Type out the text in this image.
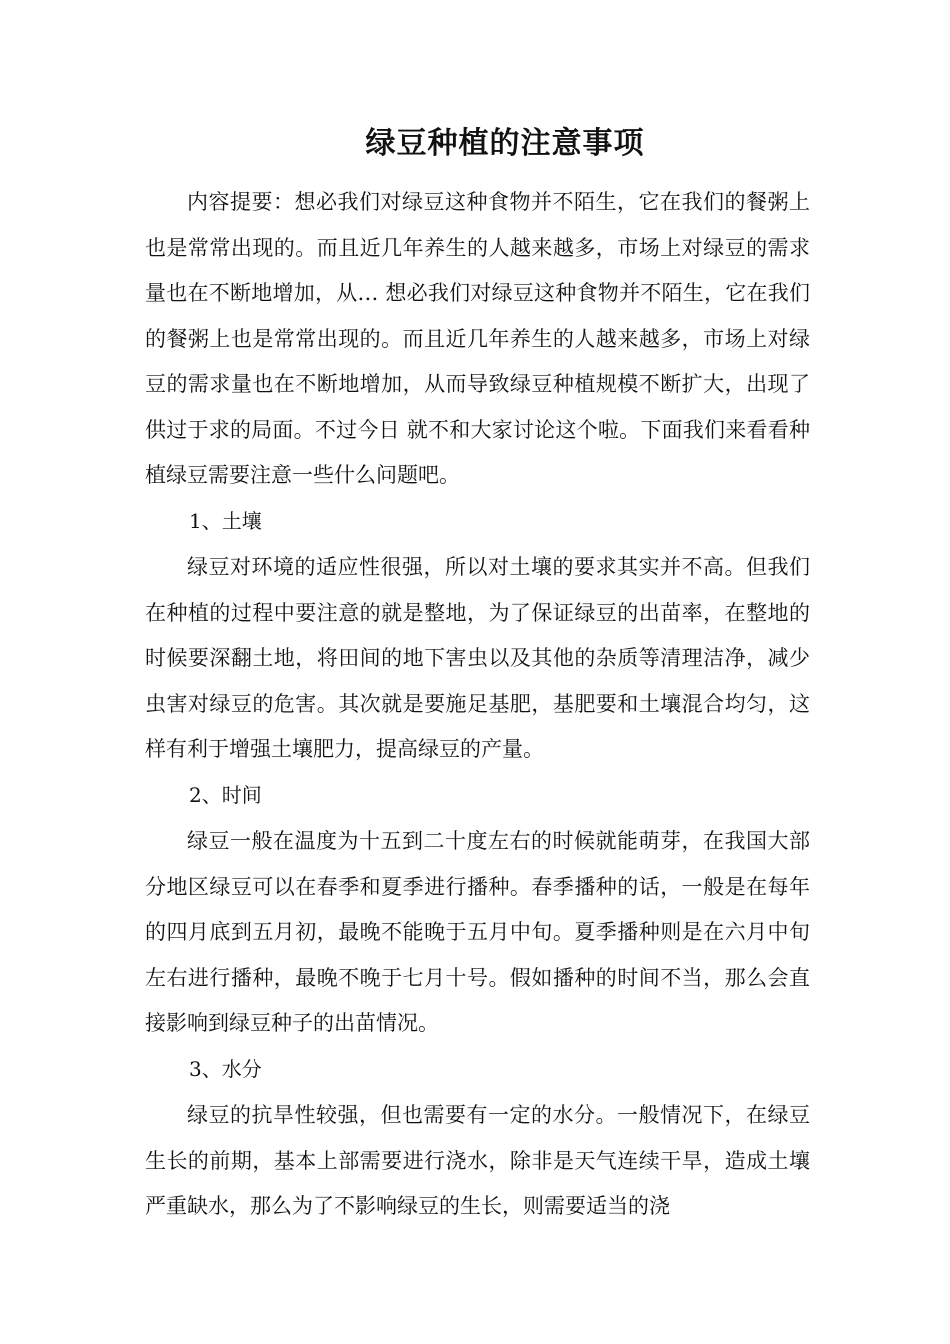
绿豆种植的注意事项

内容提要：想必我们对绿豆这种食物并不陌生，它在我们的餐粥上也是常常出现的。而且近几年养生的人越来越多，市场上对绿豆的需求量也在不断地增加，从… 想必我们对绿豆这种食物并不陌生，它在我们的餐粥上也是常常出现的。而且近几年养生的人越来越多，市场上对绿豆的需求量也在不断地增加，从而导致绿豆种植规模不断扩大，出现了供过于求的局面。不过今日 就不和大家讨论这个啦。下面我们来看看种植绿豆需要注意一些什么问题吧。

1、土壤

绿豆对环境的适应性很强，所以对土壤的要求其实并不高。但我们在种植的过程中要注意的就是整地，为了保证绿豆的出苗率，在整地的时候要深翻土地，将田间的地下害虫以及其他的杂质等清理洁净，减少虫害对绿豆的危害。其次就是要施足基肥，基肥要和土壤混合均匀，这样有利于增强土壤肥力，提高绿豆的产量。

2、时间

绿豆一般在温度为十五到二十度左右的时候就能萌芽，在我国大部分地区绿豆可以在春季和夏季进行播种。春季播种的话，一般是在每年的四月底到五月初，最晚不能晚于五月中旬。夏季播种则是在六月中旬左右进行播种，最晚不晚于七月十号。假如播种的时间不当，那么会直接影响到绿豆种子的出苗情况。

3、水分

绿豆的抗旱性较强，但也需要有一定的水分。一般情况下，在绿豆生长的前期，基本上部需要进行浇水，除非是天气连续干旱，造成土壤严重缺水，那么为了不影响绿豆的生长，则需要适当的浇
